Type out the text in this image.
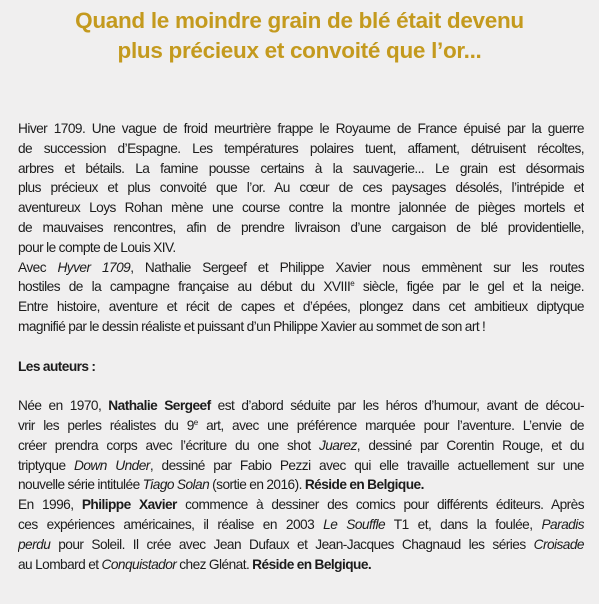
Quand le moindre grain de blé était devenu
plus précieux et convoité que l’or...
Hiver 1709. Une vague de froid meurtrière frappe le Royaume de France épuisé par la guerre
de succession d’Espagne. Les températures polaires tuent, affament, détruisent récoltes,
arbres et bétails. La famine pousse certains à la sauvagerie... Le grain est désormais
plus précieux et plus convoité que l’or. Au cœur de ces paysages désolés, l’intrépide et
aventureux Loys Rohan mène une course contre la montre jalonnée de pièges mortels et
de mauvaises rencontres, afin de prendre livraison d’une cargaison de blé providentielle,
pour le compte de Louis XIV.
Avec Hyver 1709, Nathalie Sergeef et Philippe Xavier nous emmènent sur les routes
hostiles de la campagne française au début du XVIIIe siècle, figée par le gel et la neige.
Entre histoire, aventure et récit de capes et d’épées, plongez dans cet ambitieux diptyque
magnifié par le dessin réaliste et puissant d’un Philippe Xavier au sommet de son art !
Les auteurs :
Née en 1970, Nathalie Sergeef est d’abord séduite par les héros d’humour, avant de décou-
vrir les perles réalistes du 9e art, avec une préférence marquée pour l’aventure. L’envie de
créer prendra corps avec l’écriture du one shot Juarez, dessiné par Corentin Rouge, et du
triptyque Down Under, dessiné par Fabio Pezzi avec qui elle travaille actuellement sur une
nouvelle série intitulée Tiago Solan (sortie en 2016). Réside en Belgique.
En 1996, Philippe Xavier commence à dessiner des comics pour différents éditeurs. Après
ces expériences américaines, il réalise en 2003 Le Souffle T1 et, dans la foulée, Paradis
perdu pour Soleil. Il crée avec Jean Dufaux et Jean-Jacques Chagnaud les séries Croisade
au Lombard et Conquistador chez Glénat. Réside en Belgique.
